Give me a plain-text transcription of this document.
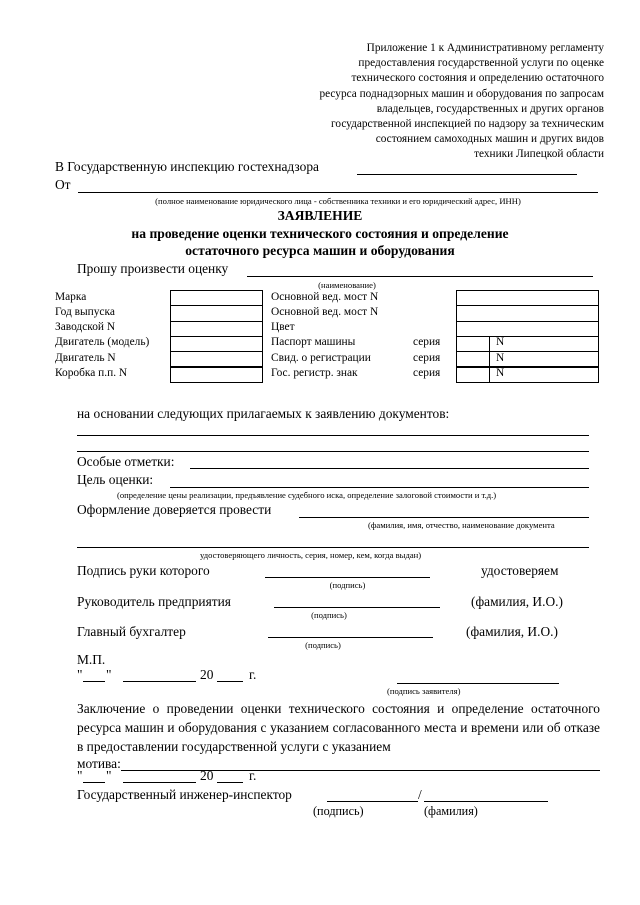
Приложение 1 к Административному регламенту
предоставления государственной услуги по оценке
технического состояния и определению остаточного
ресурса поднадзорных машин и оборудования по запросам
владельцев, государственных и других органов
государственной инспекцией по надзору за техническим
состоянием самоходных машин и других видов
техники Липецкой области
В Государственную инспекцию гостехнадзора
От
(полное наименование юридического лица - собственника техники и его юридический адрес, ИНН)
ЗАЯВЛЕНИЕ
на проведение оценки технического состояния и определение
остаточного ресурса машин и оборудования
Прошу произвести оценку
(наименование)
Марка	Основной вед. мост N
Год выпуска	Основной вед. мост N
Заводской N	Цвет
Двигатель (модель)	Паспорт машины	серия	N
Двигатель N	Свид. о регистрации	серия	N
Коробка п.п. N	Гос. регистр. знак	серия	N
на основании следующих прилагаемых к заявлению документов:
Особые отметки:
Цель оценки:
(определение цены реализации, предъявление судебного иска, определение залоговой стоимости и т.д.)
Оформление доверяется провести
(фамилия, имя, отчество, наименование документа
удостоверяющего личность, серия, номер, кем, когда выдан)
Подпись руки которого
(подпись)
удостоверяем
Руководитель предприятия
(подпись)
(фамилия, И.О.)
Главный бухгалтер
(подпись)
(фамилия, И.О.)
М.П.
" "	20	г.
(подпись заявителя)
Заключение о проведении оценки технического состояния и определение остаточного ресурса машин и оборудования с указанием согласованного места и времени или об отказе в предоставлении государственной услуги с указанием
мотива:
" "	20	г.
Государственный инженер-инспектор	/
(подпись)	(фамилия)
